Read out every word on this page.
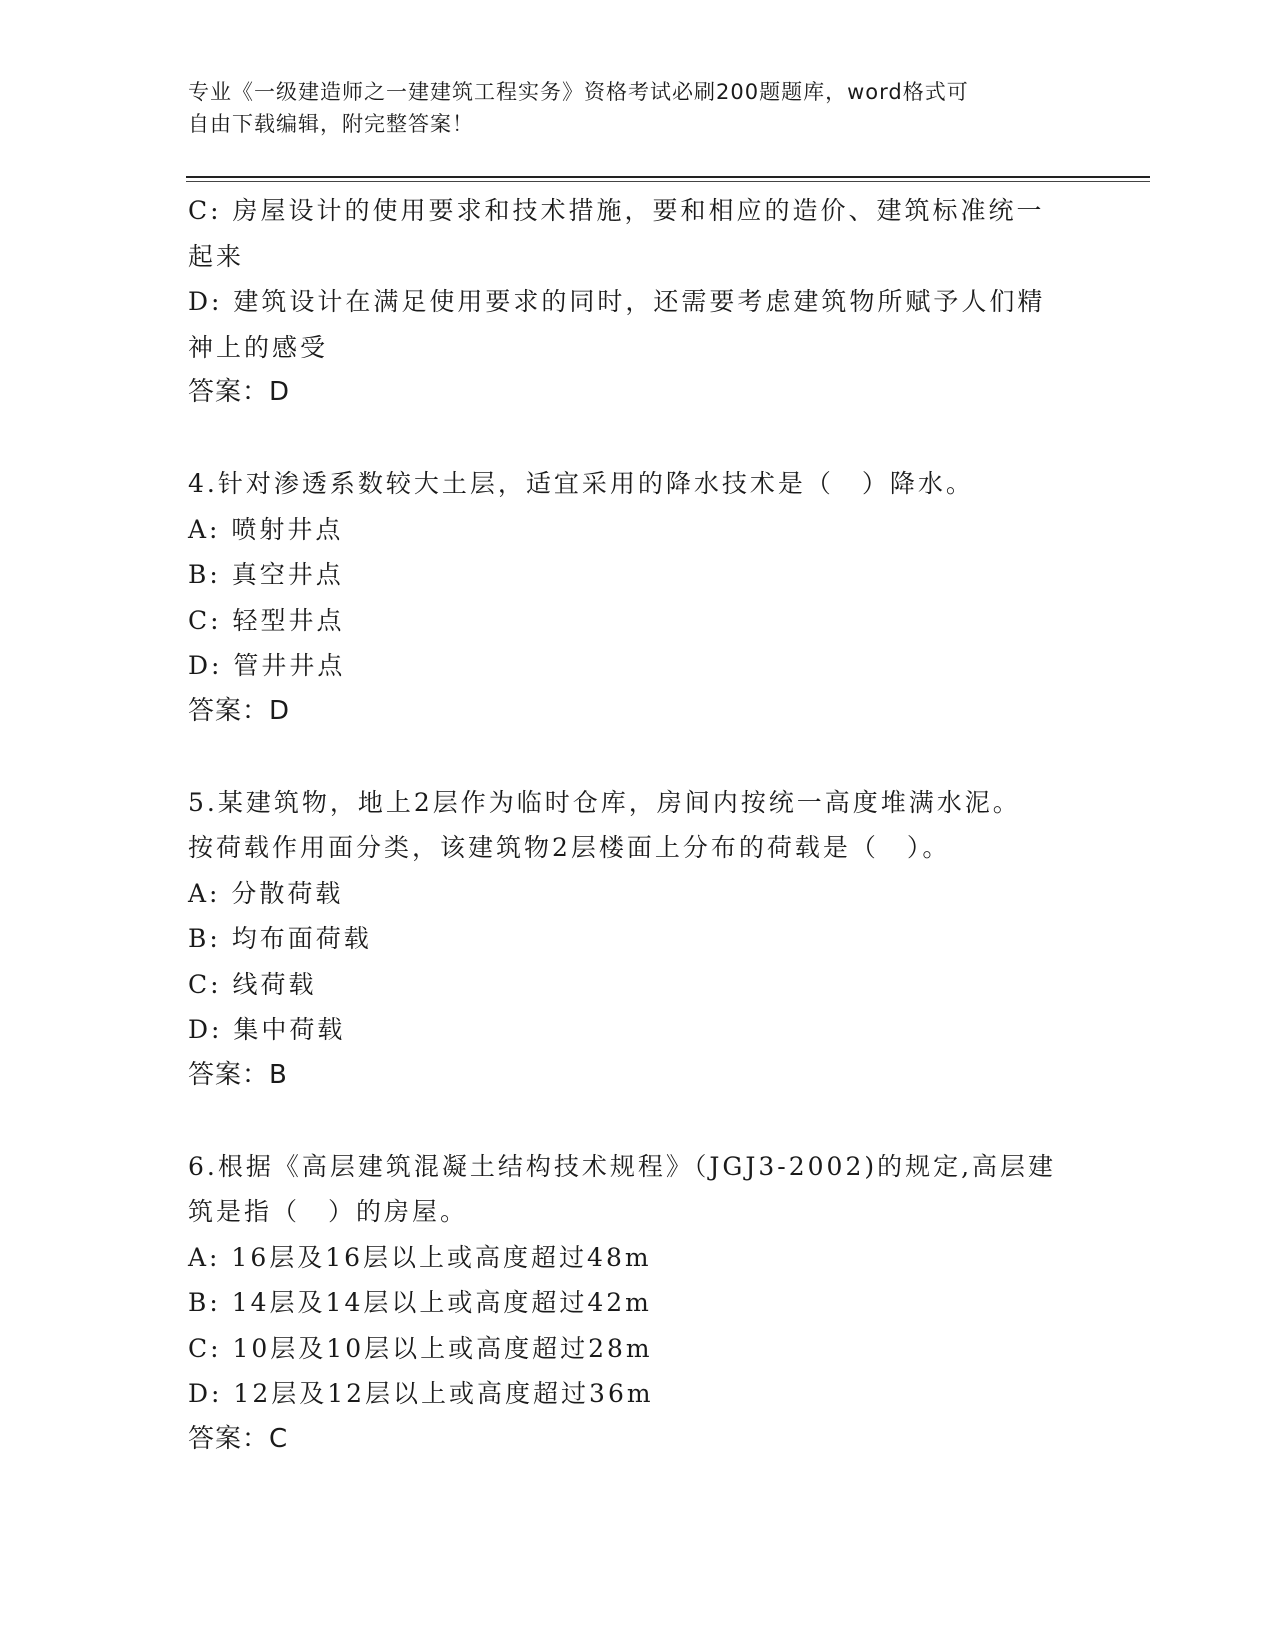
专业《一级建造师之一建建筑工程实务》资格考试必刷200题题库，word格式可
自由下载编辑，附完整答案！
C: 房屋设计的使用要求和技术措施，要和相应的造价、建筑标准统一
起来
D: 建筑设计在满足使用要求的同时，还需要考虑建筑物所赋予人们精
神上的感受
答案：D
4.针对渗透系数较大土层，适宜采用的降水技术是（　）降水。
A: 喷射井点
B: 真空井点
C: 轻型井点
D: 管井井点
答案：D
5.某建筑物，地上2层作为临时仓库，房间内按统一高度堆满水泥。
按荷载作用面分类，该建筑物2层楼面上分布的荷载是（　）。
A: 分散荷载
B: 均布面荷载
C: 线荷载
D: 集中荷载
答案：B
6.根据《高层建筑混凝土结构技术规程》（JGJ3-2002)的规定,高层建
筑是指（　）的房屋。
A: 16层及16层以上或高度超过48m
B: 14层及14层以上或高度超过42m
C: 10层及10层以上或高度超过28m
D: 12层及12层以上或高度超过36m
答案：C
